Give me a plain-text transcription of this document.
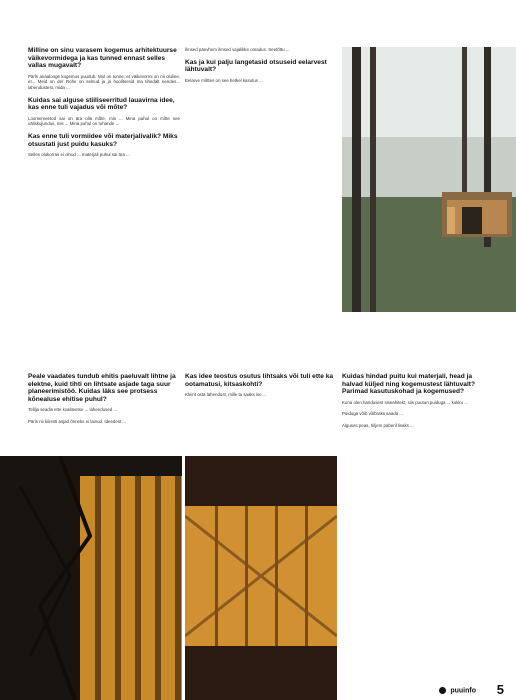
Milline on sinu varasem kogemus arhitektuurse väikevormidega ja kas tunned ennast selles vallas mugavalt?

Pärls anaalooge kogemus puudub. Mul on tunne, et väikevormi on nii oluline, et... Meid on der Rohe on selnud ja ja hoolitsesid ma tihedalt nendes... lahendustest, mida ...

Kuidas sai alguse stiiliseerritud lauavirna idee, kas enne tuli vajadus või mõte?

Loomemeetod sai on ära olla mõte, mis ... Mina puhul on mõte see väliskujundus, mis ... Mina puhul on tuhande ...

Kas enne tuli vormiidee või materjalivalik? Miks otsustati just puidu kasuks?

Selles olukorras ei olnud ... materjali puhul sai ära ...

Peale vaadates tundub ehitis paeluvalt lihtne ja elektne, kuid tihti on lihtsate asjade taga suur planeerimistöö. Kuidas läks see protsess kõnealuse ehitise puhul?

Tellija seadis ette kvaliteetse ... lahendused ...

Päris nii kiiresti asjad õnneks ei lainud. Ideedest ...

ilmsed päevhem ilmsed vajalikke omadus. Seetõttu ...

Kas ja kui palju langetasid otsuseid eelarvest lähtuvalt?

Eelarve mõttes on see hetkel kasutus ...

Kas idee teostus osutus lihtsaks või tuli ette ka ootamatusi, kitsaskohti?

Kleint osta lahendust, mille ta saaks ise ...

Kuidas hindad puitu kui materjali, head ja halvad küljed ning kogemustest lähtuvalt? Parimad kasutuskohad ja kogemused?

Kuna olen handusest siseahitekt, siis puutun puiduga ... kokku ...

Puiduga võib võibraks saada ...

Alguses peas, hiljem paberil lisaks ...

puuinfo 5
